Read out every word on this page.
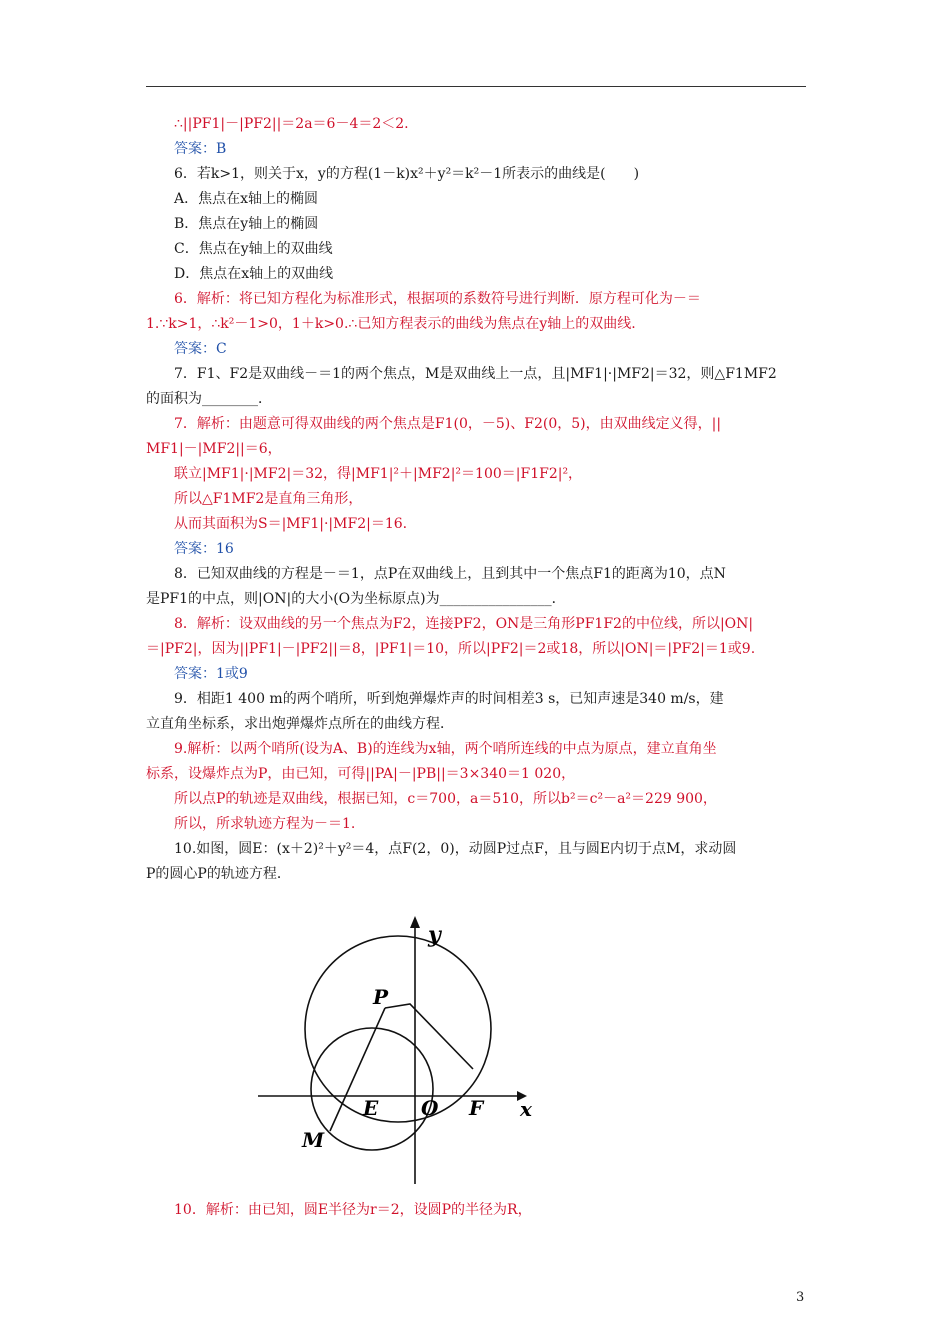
∴||PF1|－|PF2||＝2a＝6－4＝2＜2.
答案：B
6．若k>1，则关于x，y的方程(1－k)x²＋y²＝k²－1所表示的曲线是(　　)
A．焦点在x轴上的椭圆
B．焦点在y轴上的椭圆
C．焦点在y轴上的双曲线
D．焦点在x轴上的双曲线
6．解析：将已知方程化为标准形式，根据项的系数符号进行判断．原方程可化为－＝
1.∵k>1，∴k²－1>0，1＋k>0.∴已知方程表示的曲线为焦点在y轴上的双曲线.
答案：C
7．F1、F2是双曲线－＝1的两个焦点，M是双曲线上一点，且|MF1|·|MF2|＝32，则△F1MF2
的面积为________．
7．解析：由题意可得双曲线的两个焦点是F1(0，－5)、F2(0，5)，由双曲线定义得，||
MF1|－|MF2||＝6，
联立|MF1|·|MF2|＝32，得|MF1|²＋|MF2|²＝100＝|F1F2|²，
所以△F1MF2是直角三角形，
从而其面积为S＝|MF1|·|MF2|＝16.
答案：16
8．已知双曲线的方程是－＝1，点P在双曲线上，且到其中一个焦点F1的距离为10，点N
是PF1的中点，则|ON|的大小(O为坐标原点)为________________．
8．解析：设双曲线的另一个焦点为F2，连接PF2，ON是三角形PF1F2的中位线，所以|ON|
＝|PF2|，因为||PF1|－|PF2||＝8，|PF1|＝10，所以|PF2|＝2或18，所以|ON|＝|PF2|＝1或9.
答案：1或9
9．相距1 400 m的两个哨所，听到炮弹爆炸声的时间相差3 s，已知声速是340 m/s，建
立直角坐标系，求出炮弹爆炸点所在的曲线方程．
9.解析：以两个哨所(设为A、B)的连线为x轴，两个哨所连线的中点为原点，建立直角坐
标系，设爆炸点为P，由已知，可得||PA|－|PB||＝3×340＝1 020，
所以点P的轨迹是双曲线，根据已知，c＝700，a＝510，所以b²＝c²－a²＝229 900，
所以，所求轨迹方程为－＝1.
10.如图，圆E：(x＋2)²＋y²＝4，点F(2，0)，动圆P过点F，且与圆E内切于点M，求动圆
P的圆心P的轨迹方程．
y
x
P
E O F
M
10．解析：由已知，圆E半径为r＝2，设圆P的半径为R，
3
